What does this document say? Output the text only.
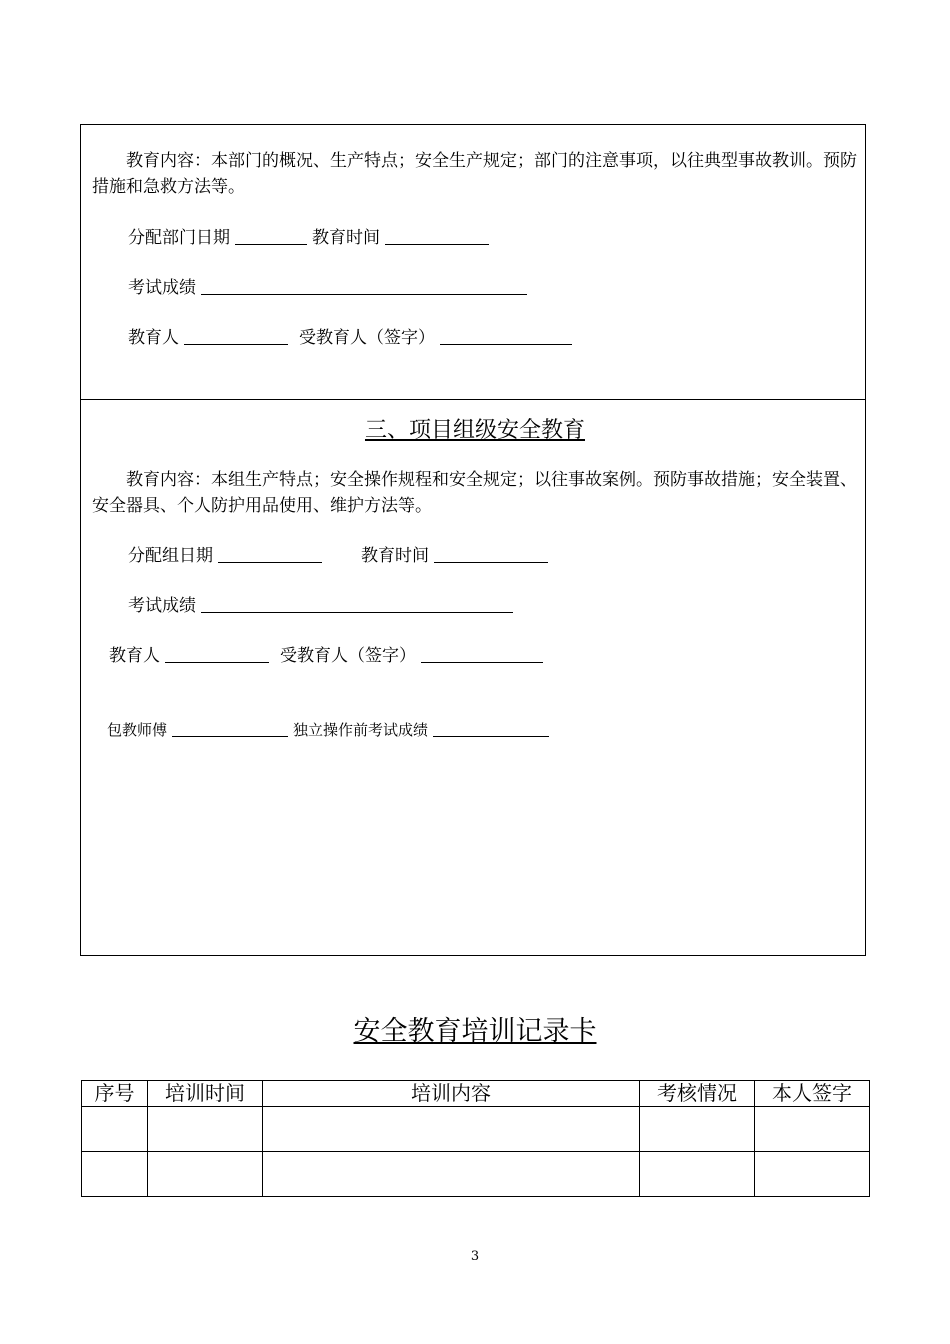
教育内容：本部门的概况、生产特点；安全生产规定；部门的注意事项，以往典型事故教训。预防措施和急救方法等。
分配部门日期	教育时间
考试成绩
教育人	受教育人（签字）
三、项目组级安全教育
教育内容：本组生产特点；安全操作规程和安全规定；以往事故案例。预防事故措施；安全装置、安全器具、个人防护用品使用、维护方法等。
分配组日期	教育时间
考试成绩
教育人	受教育人（签字）
包教师傅	独立操作前考试成绩
安全教育培训记录卡
序号	培训时间	培训内容	考核情况	本人签字

3
